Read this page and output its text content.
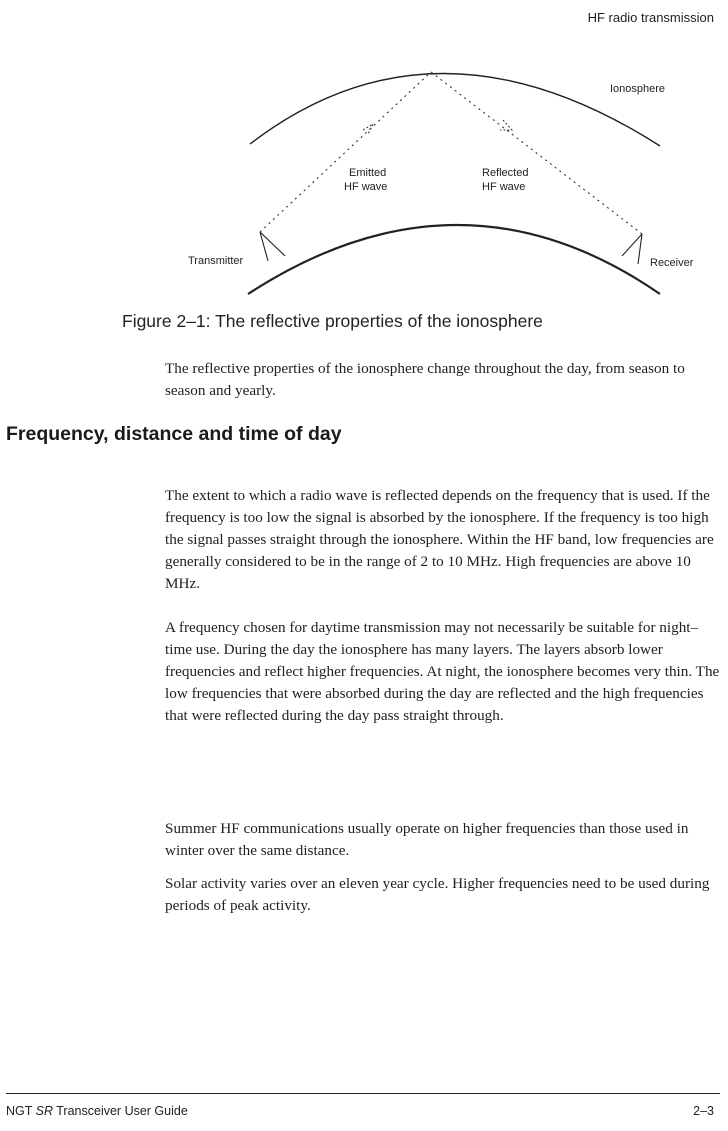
HF radio transmission
Ionosphere
Emitted
HF wave
Reflected
HF wave
Transmitter	Receiver
Figure 2–1: The reflective properties of the ionosphere

The reflective properties of the ionosphere change throughout the day, from season to season and yearly.

Frequency, distance and time of day

The extent to which a radio wave is reflected depends on the frequency that is used. If the frequency is too low the signal is absorbed by the ionosphere. If the frequency is too high the signal passes straight through the ionosphere. Within the HF band, low frequencies are generally considered to be in the range of 2 to 10 MHz. High frequencies are above 10 MHz.

A frequency chosen for daytime transmission may not necessarily be suitable for night–time use. During the day the ionosphere has many layers. The layers absorb lower frequencies and reflect higher frequencies. At night, the ionosphere becomes very thin. The low frequencies that were absorbed during the day are reflected and the high frequencies that were reflected during the day pass straight through.

Summer HF communications usually operate on higher frequencies than those used in winter over the same distance.

Solar activity varies over an eleven year cycle. Higher frequencies need to be used during periods of peak activity.

NGT SR Transceiver User Guide	2–3
